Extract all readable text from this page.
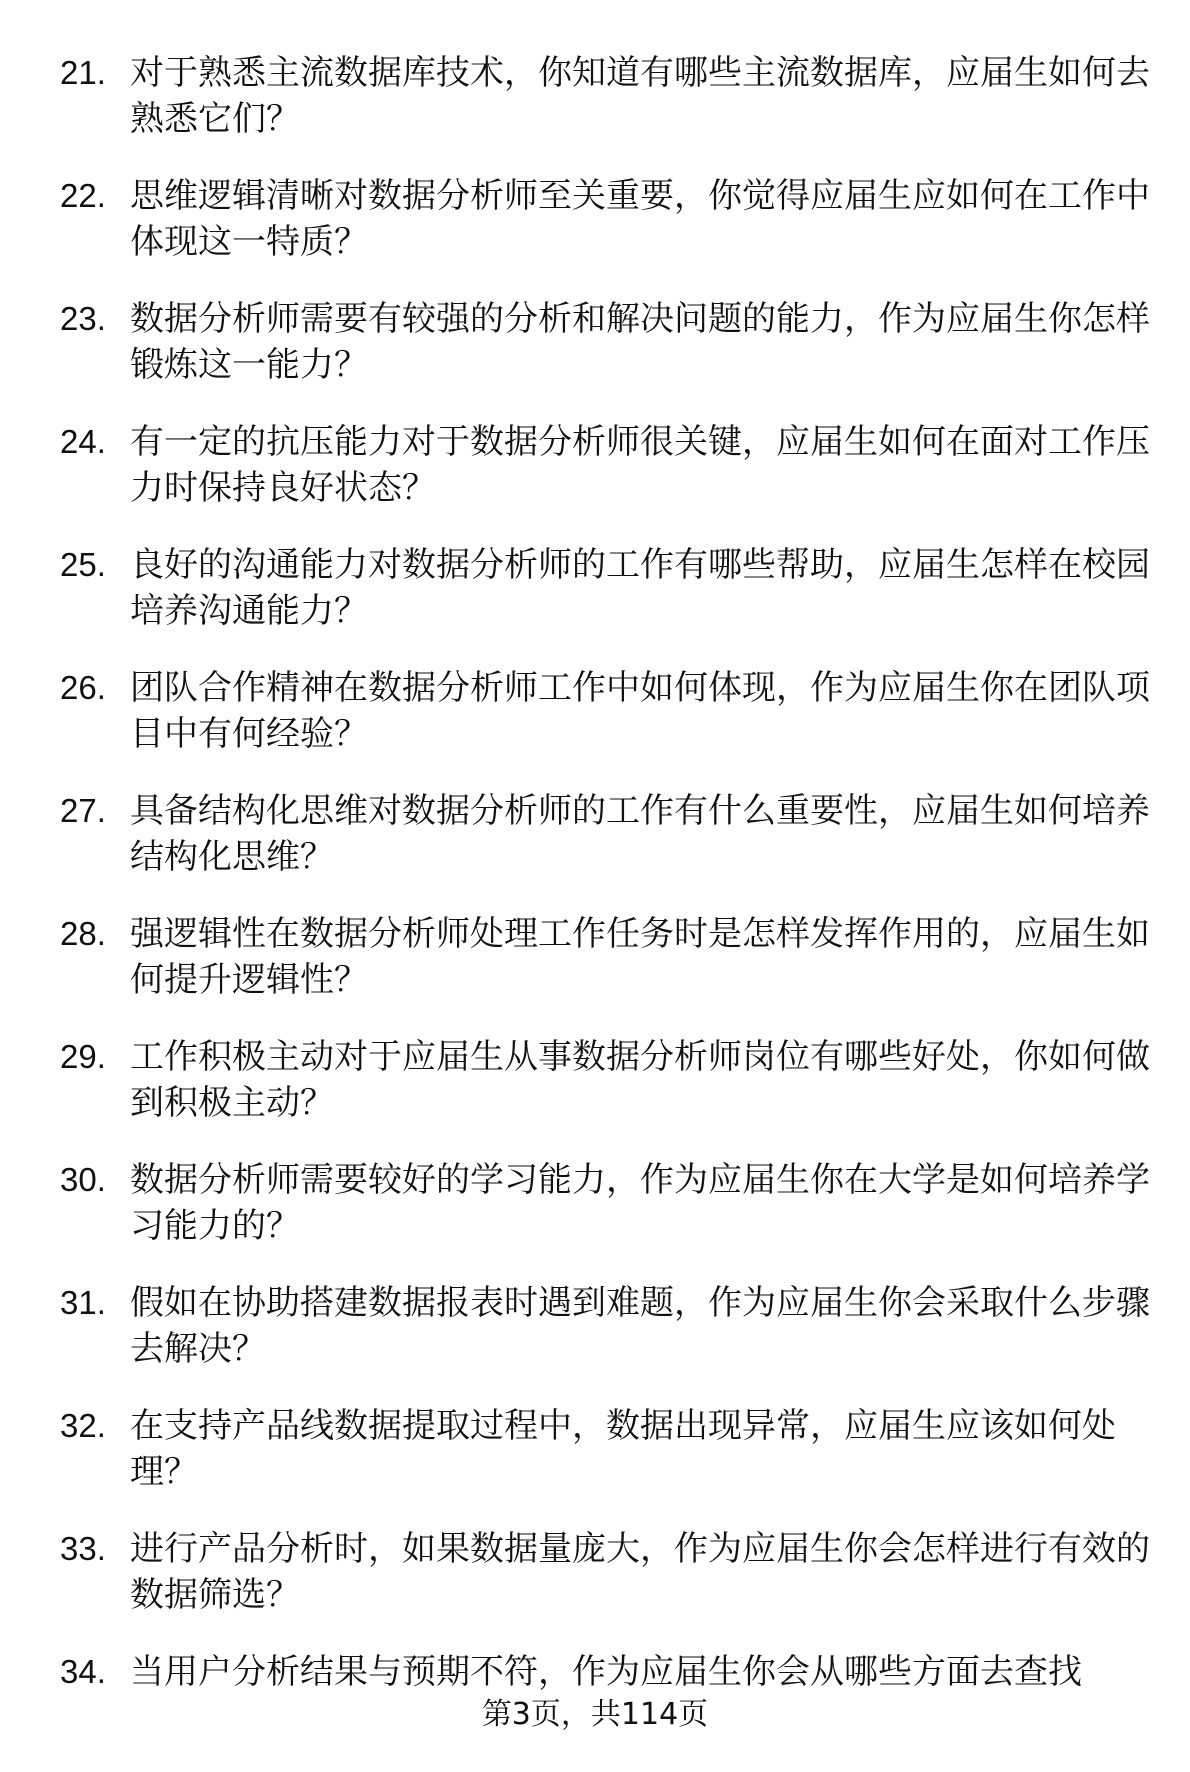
21. 对于熟悉主流数据库技术，你知道有哪些主流数据库，应届生如何去熟悉它们？
22. 思维逻辑清晰对数据分析师至关重要，你觉得应届生应如何在工作中体现这一特质？
23. 数据分析师需要有较强的分析和解决问题的能力，作为应届生你怎样锻炼这一能力？
24. 有一定的抗压能力对于数据分析师很关键，应届生如何在面对工作压力时保持良好状态？
25. 良好的沟通能力对数据分析师的工作有哪些帮助，应届生怎样在校园培养沟通能力？
26. 团队合作精神在数据分析师工作中如何体现，作为应届生你在团队项目中有何经验？
27. 具备结构化思维对数据分析师的工作有什么重要性，应届生如何培养结构化思维？
28. 强逻辑性在数据分析师处理工作任务时是怎样发挥作用的，应届生如何提升逻辑性？
29. 工作积极主动对于应届生从事数据分析师岗位有哪些好处，你如何做到积极主动？
30. 数据分析师需要较好的学习能力，作为应届生你在大学是如何培养学习能力的？
31. 假如在协助搭建数据报表时遇到难题，作为应届生你会采取什么步骤去解决？
32. 在支持产品线数据提取过程中，数据出现异常，应届生应该如何处理？
33. 进行产品分析时，如果数据量庞大，作为应届生你会怎样进行有效的数据筛选？
34. 当用户分析结果与预期不符，作为应届生你会从哪些方面去查找
第3页，共114页
